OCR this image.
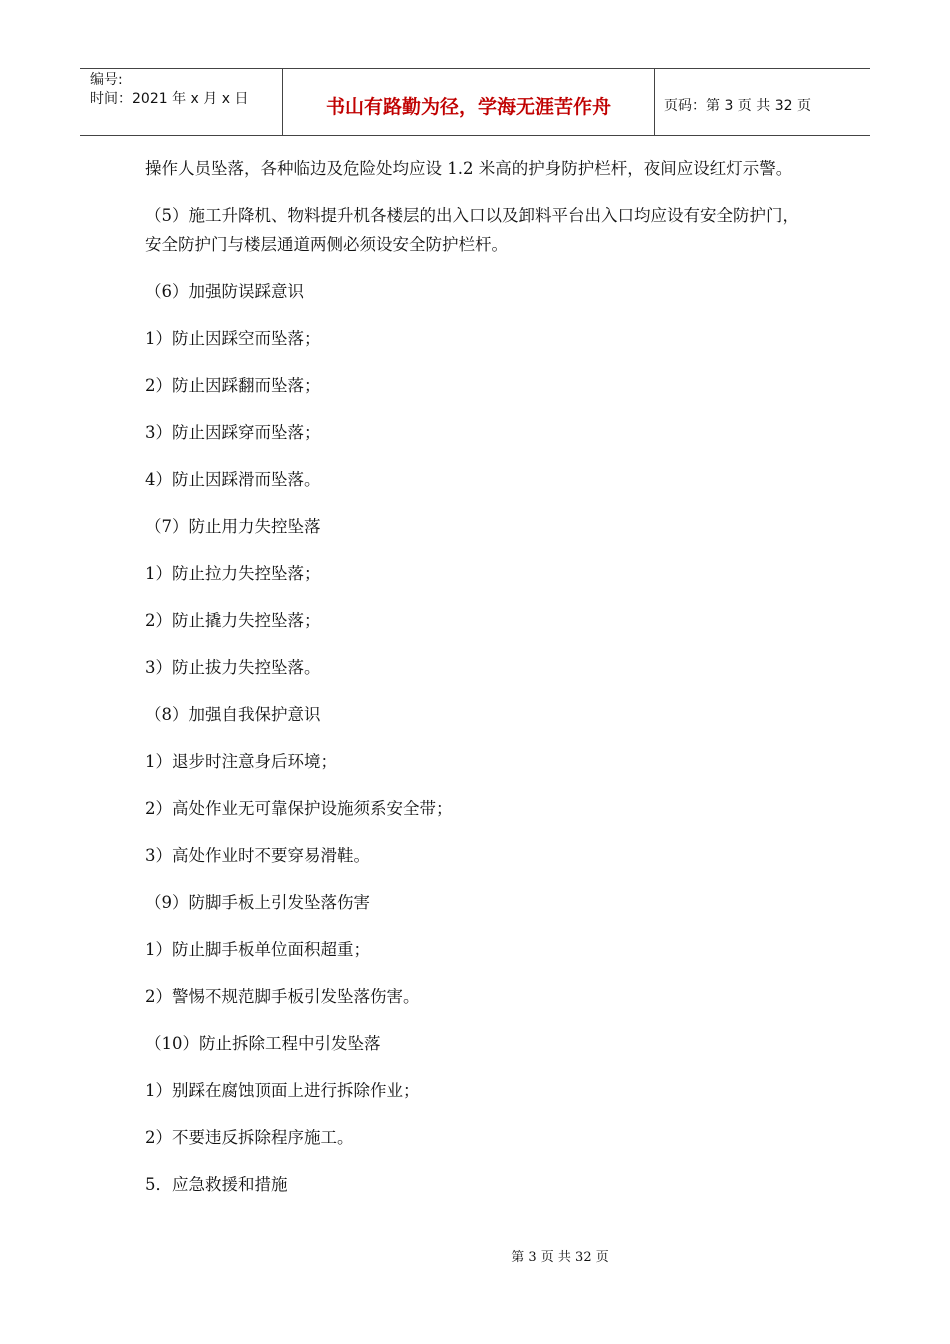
编号:
时间：2021 年 x 月 x 日	书山有路勤为径，学海无涯苦作舟	页码：第 3 页 共 32 页

操作人员坠落，各种临边及危险处均应设 1.2 米高的护身防护栏杆，夜间应设红灯示警。

（5）施工升降机、物料提升机各楼层的出入口以及卸料平台出入口均应设有安全防护门，安全防护门与楼层通道两侧必须设安全防护栏杆。

（6）加强防误踩意识

1）防止因踩空而坠落；

2）防止因踩翻而坠落；

3）防止因踩穿而坠落；

4）防止因踩滑而坠落。

（7）防止用力失控坠落

1）防止拉力失控坠落；

2）防止撬力失控坠落；

3）防止拔力失控坠落。

（8）加强自我保护意识

1）退步时注意身后环境；

2）高处作业无可靠保护设施须系安全带；

3）高处作业时不要穿易滑鞋。

（9）防脚手板上引发坠落伤害

1）防止脚手板单位面积超重；

2）警惕不规范脚手板引发坠落伤害。

（10）防止拆除工程中引发坠落

1）别踩在腐蚀顶面上进行拆除作业；

2）不要违反拆除程序施工。

5．应急救援和措施

第 3 页 共 32 页
